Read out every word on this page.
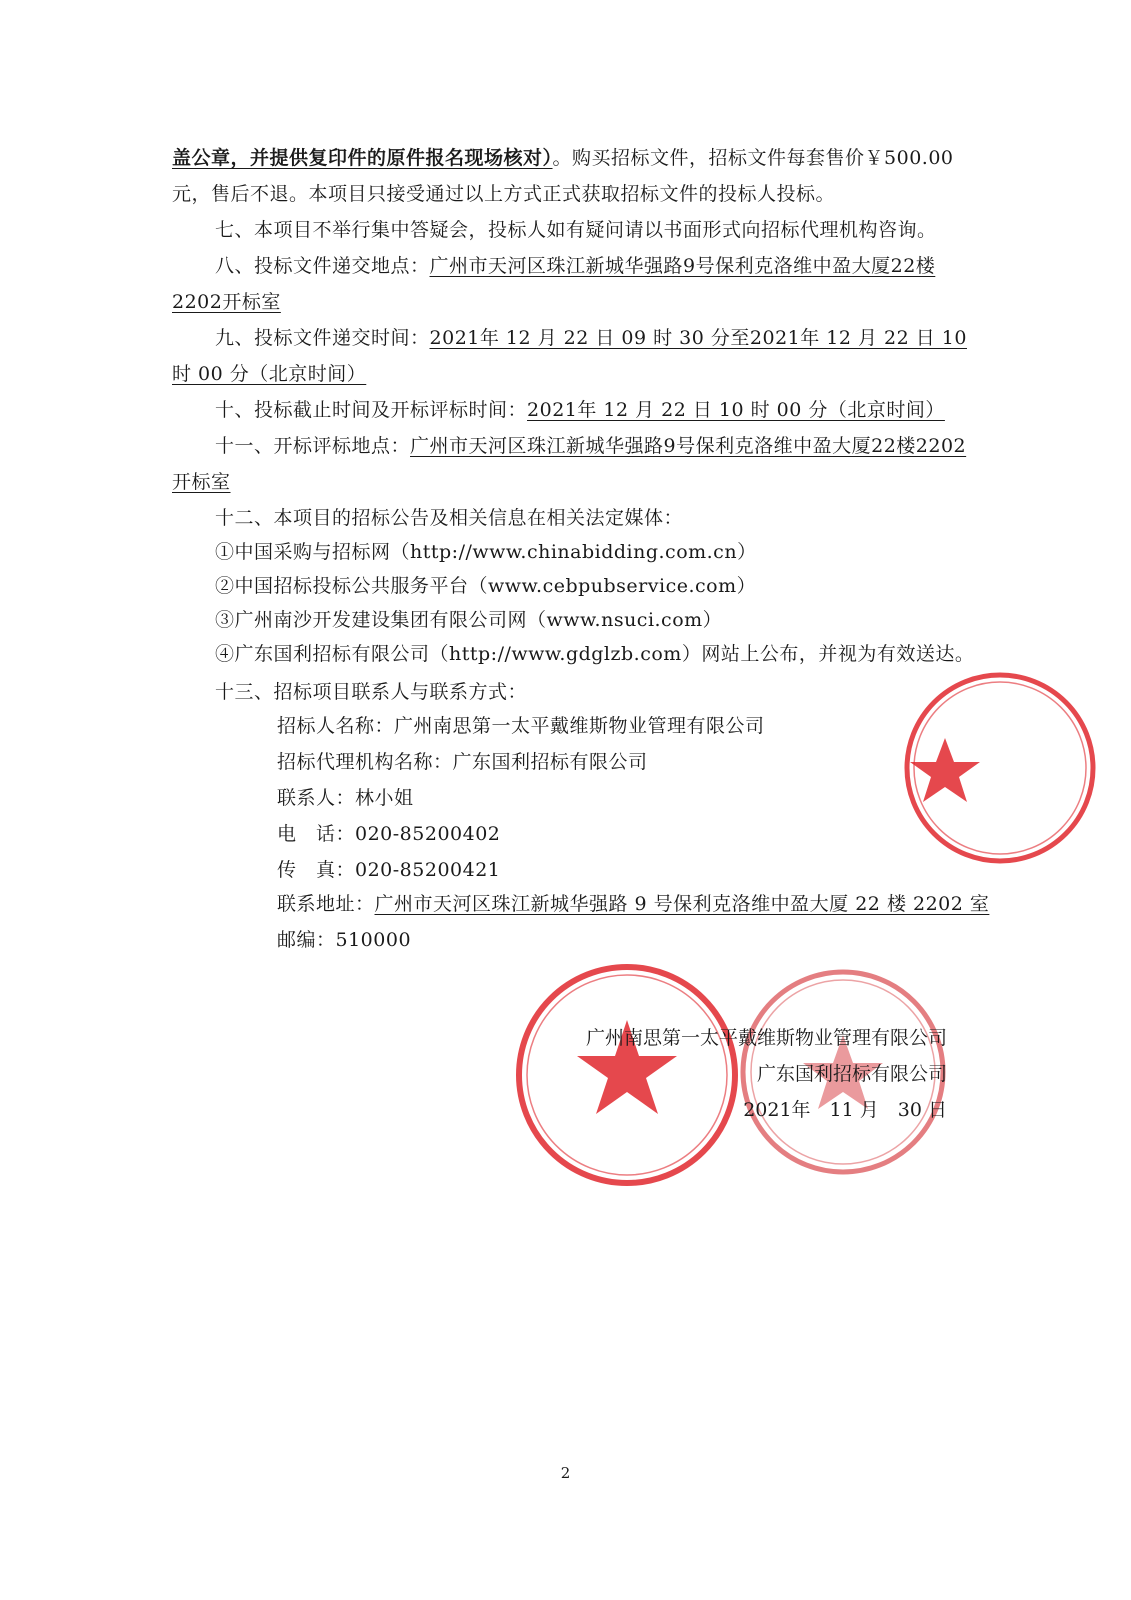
盖公章，并提供复印件的原件报名现场核对）。购买招标文件，招标文件每套售价￥500.00
元，售后不退。本项目只接受通过以上方式正式获取招标文件的投标人投标。
七、本项目不举行集中答疑会，投标人如有疑问请以书面形式向招标代理机构咨询。
八、投标文件递交地点：广州市天河区珠江新城华强路9号保利克洛维中盈大厦22楼
2202开标室
九、投标文件递交时间：2021年 12 月 22 日 09 时 30 分至2021年 12 月 22 日 10
时 00 分（北京时间）
十、投标截止时间及开标评标时间：2021年 12 月 22 日 10 时 00 分（北京时间）
十一、开标评标地点：广州市天河区珠江新城华强路9号保利克洛维中盈大厦22楼2202
开标室
十二、本项目的招标公告及相关信息在相关法定媒体：
①中国采购与招标网（http://www.chinabidding.com.cn）
②中国招标投标公共服务平台（www.cebpubservice.com）
③广州南沙开发建设集团有限公司网（www.nsuci.com）
④广东国利招标有限公司（http://www.gdglzb.com）网站上公布，并视为有效送达。
十三、招标项目联系人与联系方式：
招标人名称：广州南思第一太平戴维斯物业管理有限公司
招标代理机构名称：广东国利招标有限公司
联系人：林小姐
电　话：020-85200402
传　真：020-85200421
联系地址：广州市天河区珠江新城华强路 9 号保利克洛维中盈大厦 22 楼 2202 室
邮编：510000
广州南思第一太平戴维斯物业管理有限公司
广东国利招标有限公司
2021年　11 月　30 日
2
